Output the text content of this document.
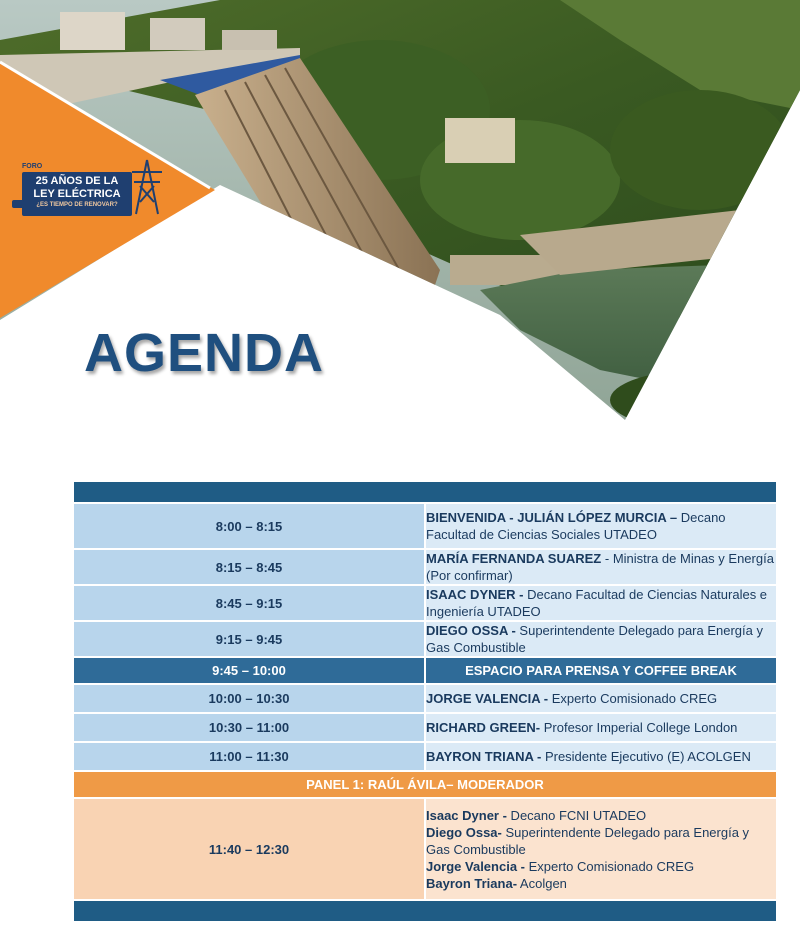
FORO
25 AÑOS DE LA
LEY ELÉCTRICA
¿ES TIEMPO DE RENOVAR?
AGENDA

8:00 – 8:15	BIENVENIDA - JULIÁN LÓPEZ MURCIA – Decano Facultad de Ciencias Sociales UTADEO
8:15 – 8:45	MARÍA FERNANDA SUAREZ - Ministra de Minas y Energía (Por confirmar)
8:45 – 9:15	ISAAC DYNER - Decano Facultad de Ciencias Naturales e Ingeniería UTADEO
9:15 – 9:45	DIEGO OSSA - Superintendente Delegado para Energía y Gas Combustible
9:45 – 10:00	ESPACIO PARA PRENSA Y COFFEE BREAK
10:00 – 10:30	JORGE VALENCIA - Experto Comisionado CREG
10:30 – 11:00	RICHARD GREEN- Profesor Imperial College London
11:00 – 11:30	BAYRON TRIANA - Presidente Ejecutivo (E) ACOLGEN
PANEL 1: RAÚL ÁVILA– MODERADOR	
11:40 – 12:30	Isaac Dyner - Decano FCNI UTADEO
Diego Ossa- Superintendente Delegado para Energía y Gas Combustible
Jorge Valencia - Experto Comisionado CREG
Bayron Triana- Acolgen
